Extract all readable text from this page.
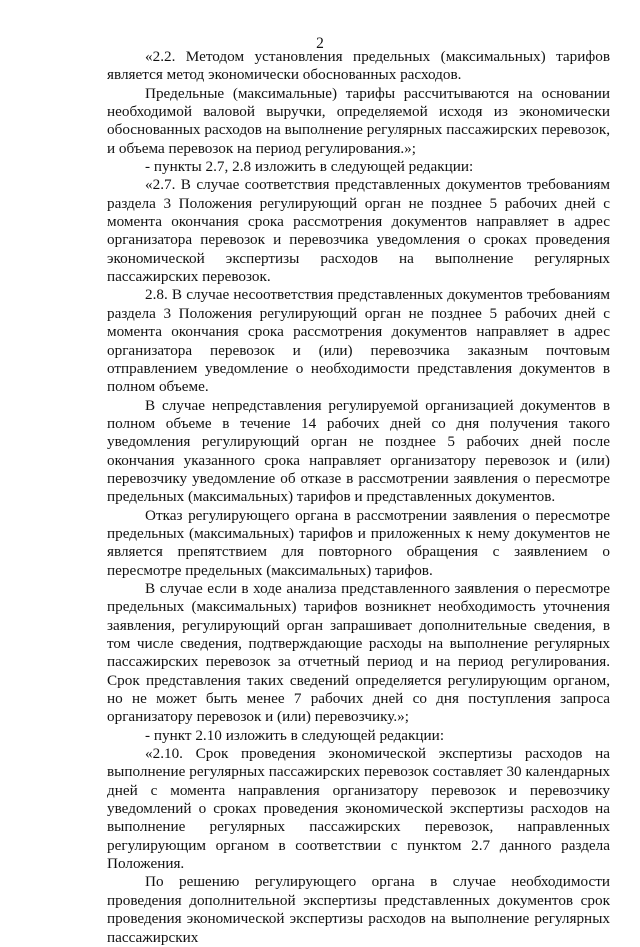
2

«2.2. Методом установления предельных (максимальных) тарифов является метод экономически обоснованных расходов.

Предельные (максимальные) тарифы рассчитываются на основании необходимой валовой выручки, определяемой исходя из экономически обоснованных расходов на выполнение регулярных пассажирских перевозок, и объема перевозок на период регулирования.»;

- пункты 2.7, 2.8 изложить в следующей редакции:

«2.7. В случае соответствия представленных документов требованиям раздела 3 Положения регулирующий орган не позднее 5 рабочих дней с момента окончания срока рассмотрения документов направляет в адрес организатора перевозок и перевозчика уведомления о сроках проведения экономической экспертизы расходов на выполнение регулярных пассажирских перевозок.

2.8. В случае несоответствия представленных документов требованиям раздела 3 Положения регулирующий орган не позднее 5 рабочих дней с момента окончания срока рассмотрения документов направляет в адрес организатора перевозок и (или) перевозчика заказным почтовым отправлением уведомление о необходимости представления документов в полном объеме.

В случае непредставления регулируемой организацией документов в полном объеме в течение 14 рабочих дней со дня получения такого уведомления регулирующий орган не позднее 5 рабочих дней после окончания указанного срока направляет организатору перевозок и (или) перевозчику уведомление об отказе в рассмотрении заявления о пересмотре предельных (максимальных) тарифов и представленных документов.

Отказ регулирующего органа в рассмотрении заявления о пересмотре предельных (максимальных) тарифов и приложенных к нему документов не является препятствием для повторного обращения с заявлением о пересмотре предельных (максимальных) тарифов.

В случае если в ходе анализа представленного заявления о пересмотре предельных (максимальных) тарифов возникнет необходимость уточнения заявления, регулирующий орган запрашивает дополнительные сведения, в том числе сведения, подтверждающие расходы на выполнение регулярных пассажирских перевозок за отчетный период и на период регулирования. Срок представления таких сведений определяется регулирующим органом, но не может быть менее 7 рабочих дней со дня поступления запроса организатору перевозок и (или) перевозчику.»;

- пункт 2.10 изложить в следующей редакции:

«2.10. Срок проведения экономической экспертизы расходов на выполнение регулярных пассажирских перевозок составляет 30 календарных дней с момента направления организатору перевозок и перевозчику уведомлений о сроках проведения экономической экспертизы расходов на выполнение регулярных пассажирских перевозок, направленных регулирующим органом в соответствии с пунктом 2.7 данного раздела Положения.

По решению регулирующего органа в случае необходимости проведения дополнительной экспертизы представленных документов срок проведения экономической экспертизы расходов на выполнение регулярных пассажирских
